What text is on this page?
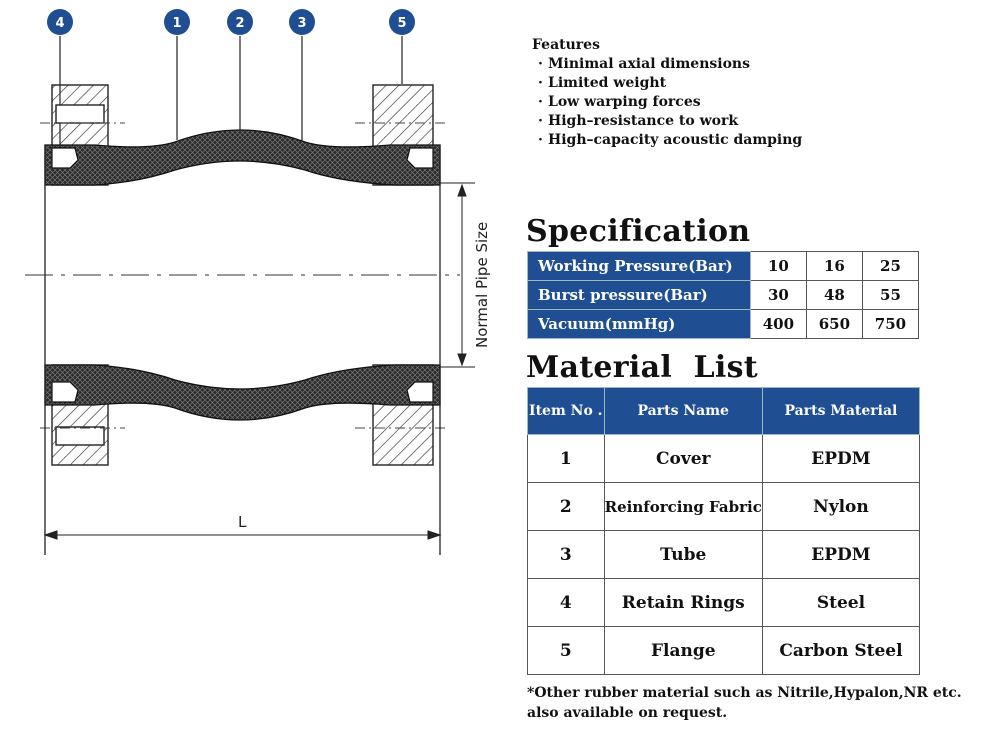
Normal Pipe Size
L
4	1	2	3	5
Features
· Minimal axial dimensions
· Limited weight
· Low warping forces
· High–resistance to work
· High–capacity acoustic damping
Specification
Working Pressure(Bar)	10	16	25
Burst pressure(Bar)	30	48	55
Vacuum(mmHg)	400	650	750
Material  List
Item No .	Parts Name	Parts Material
1	Cover	EPDM
2	Reinforcing Fabric	Nylon
3	Tube	EPDM
4	Retain Rings	Steel
5	Flange	Carbon Steel
*Other rubber material such as Nitrile,Hypalon,NR etc.
also available on request.
